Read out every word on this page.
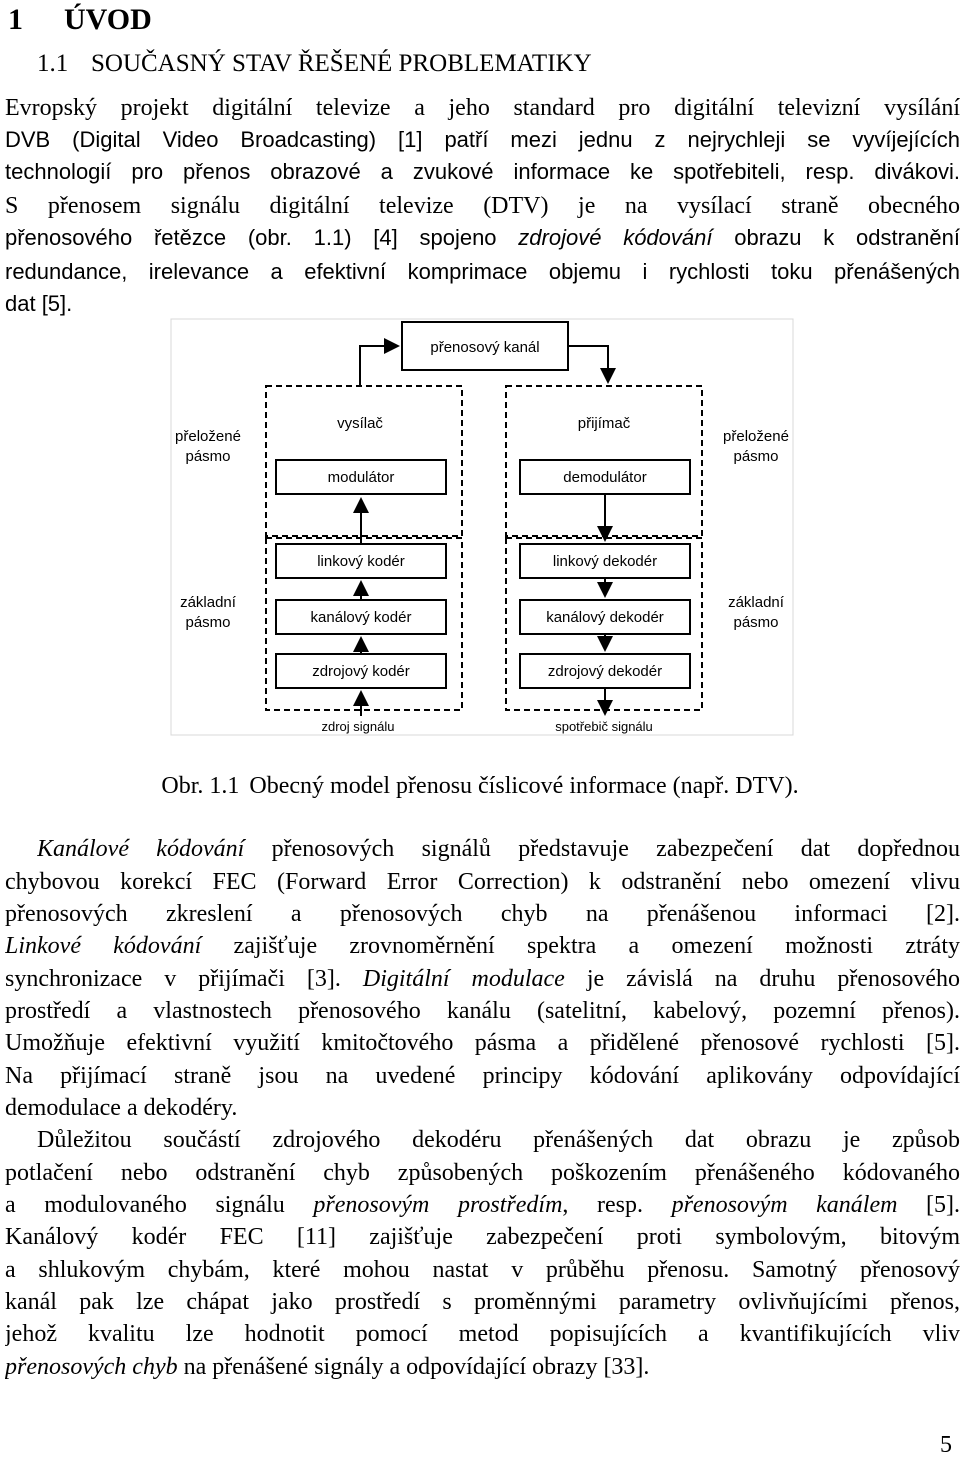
1 ÚVOD
1.1 SOUČASNÝ STAV ŘEŠENÉ PROBLEMATIKY
Evropský projekt digitální televize a jeho standard pro digitální televizní vysílání
DVB (Digital Video Broadcasting) [1] patří mezi jednu z nejrychleji se vyvíjejících
technologií pro přenos obrazové a zvukové informace ke spotřebiteli, resp. divákovi.
S přenosem signálu digitální televize (DTV) je na vysílací straně obecného
přenosového řetězce (obr. 1.1) [4] spojeno zdrojové kódování obrazu k odstranění
redundance, irelevance a efektivní komprimace objemu i rychlosti toku přenášených
dat [5].
přenosový kanál
vysílač
modulátor
linkový kodér
kanálový kodér
zdrojový kodér
zdroj signálu
přijímač
demodulátor
linkový dekodér
kanálový dekodér
zdrojový dekodér
spotřebič signálu
přeložené
pásmo
přeložené
pásmo
základní
pásmo
základní
pásmo
Obr. 1.1 Obecný model přenosu číslicové informace (např. DTV).
Kanálové kódování přenosových signálů představuje zabezpečení dat dopřednou
chybovou korekcí FEC (Forward Error Correction) k odstranění nebo omezení vlivu
přenosových zkreslení a přenosových chyb na přenášenou informaci [2].
Linkové kódování zajišťuje zrovnoměrnění spektra a omezení možnosti ztráty
synchronizace v přijímači [3]. Digitální modulace je závislá na druhu přenosového
prostředí a vlastnostech přenosového kanálu (satelitní, kabelový, pozemní přenos).
Umožňuje efektivní využití kmitočtového pásma a přidělené přenosové rychlosti [5].
Na přijímací straně jsou na uvedené principy kódování aplikovány odpovídající
demodulace a dekodéry.
Důležitou součástí zdrojového dekodéru přenášených dat obrazu je způsob
potlačení nebo odstranění chyb způsobených poškozením přenášeného kódovaného
a modulovaného signálu přenosovým prostředím, resp. přenosovým kanálem [5].
Kanálový kodér FEC [11] zajišťuje zabezpečení proti symbolovým, bitovým
a shlukovým chybám, které mohou nastat v průběhu přenosu. Samotný přenosový
kanál pak lze chápat jako prostředí s proměnnými parametry ovlivňujícími přenos,
jehož kvalitu lze hodnotit pomocí metod popisujících a kvantifikujících vliv
přenosových chyb na přenášené signály a odpovídající obrazy [33].
5
